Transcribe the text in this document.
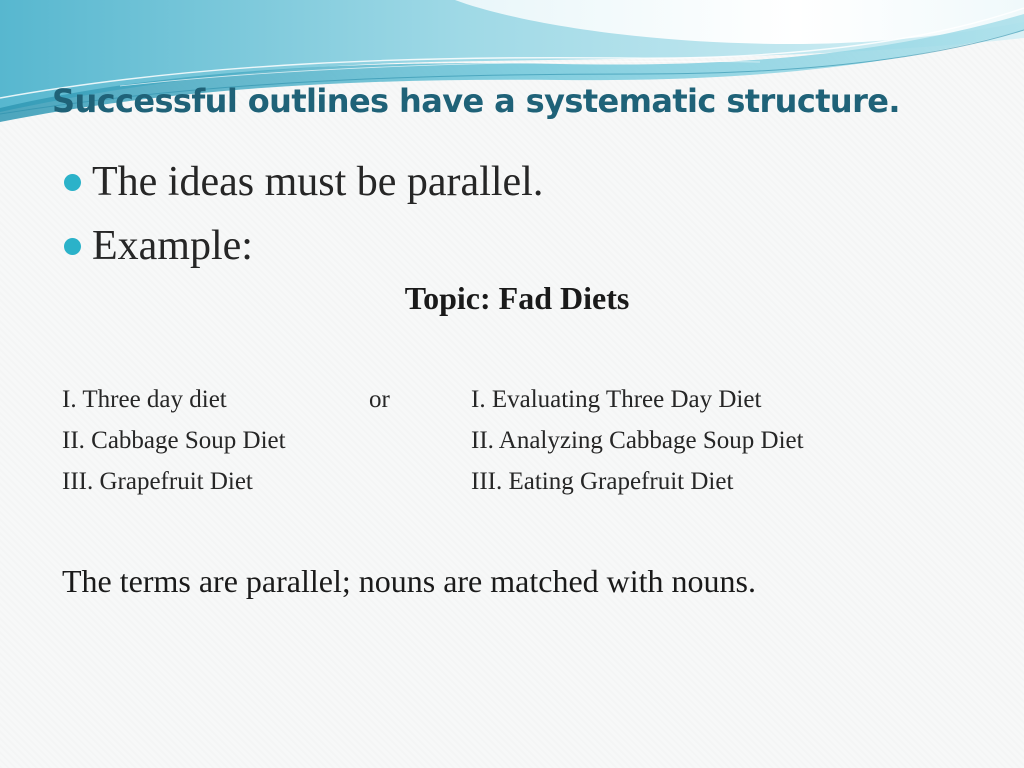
Successful outlines have a systematic structure.
The ideas must be parallel.
Example:
Topic: Fad Diets
I. Three day diet
II. Cabbage Soup Diet
III. Grapefruit Diet
or	I. Evaluating Three Day Diet
II. Analyzing Cabbage Soup Diet
III. Eating Grapefruit Diet
The terms are parallel; nouns are matched with nouns.
